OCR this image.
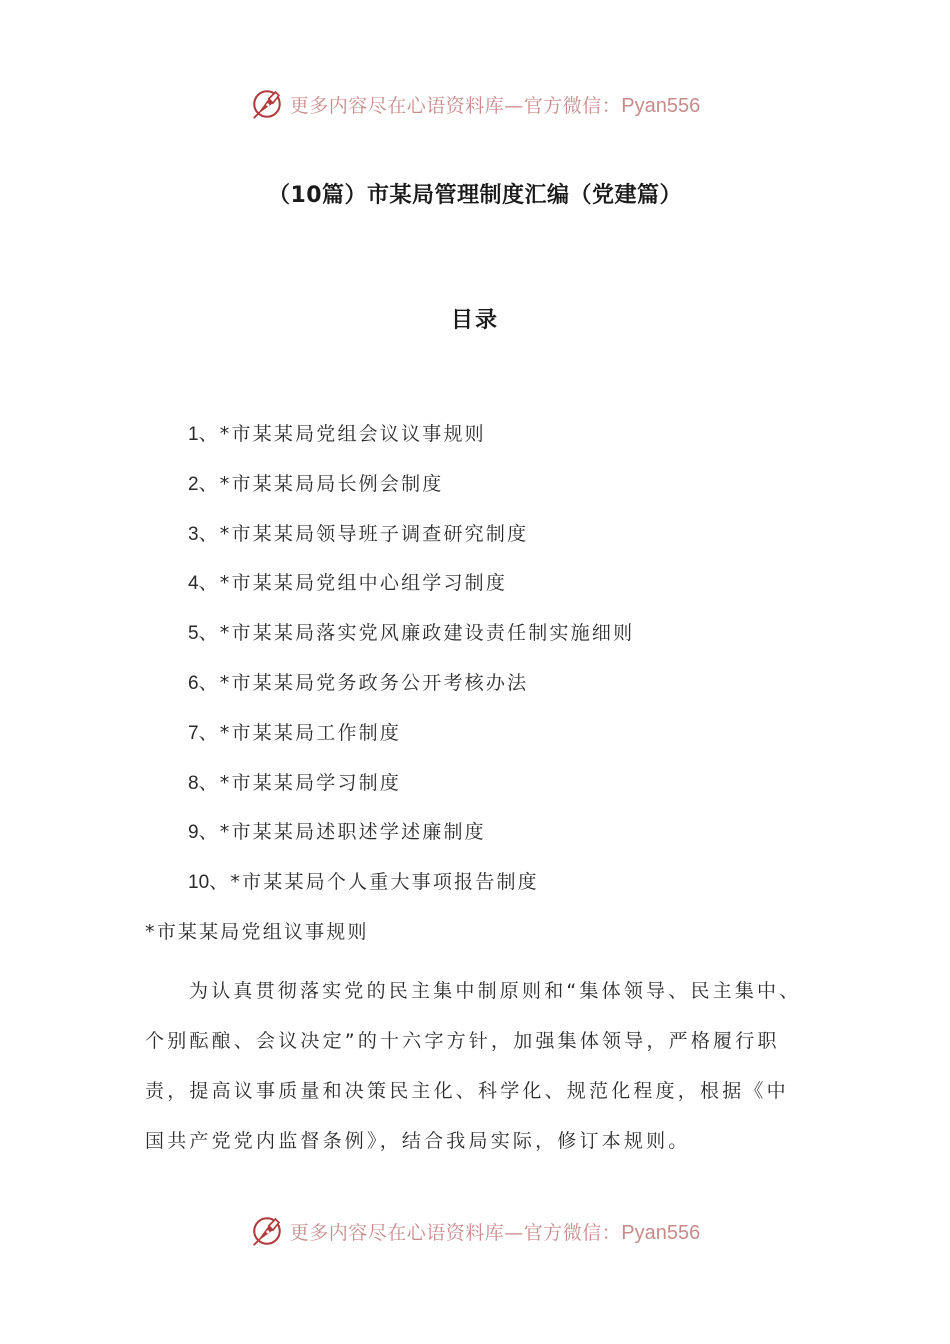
更多内容尽在心语资料库—官方微信：Pyan556
（10篇）市某局管理制度汇编（党建篇）
目录
1、*市某某局党组会议议事规则
2、*市某某局局长例会制度
3、*市某某局领导班子调查研究制度
4、*市某某局党组中心组学习制度
5、*市某某局落实党风廉政建设责任制实施细则
6、*市某某局党务政务公开考核办法
7、*市某某局工作制度
8、*市某某局学习制度
9、*市某某局述职述学述廉制度
10、*市某某局个人重大事项报告制度
*市某某局党组议事规则
为认真贯彻落实党的民主集中制原则和“集体领导、民主集中、
个别酝酿、会议决定”的十六字方针，加强集体领导，严格履行职
责，提高议事质量和决策民主化、科学化、规范化程度，根据《中
国共产党党内监督条例》，结合我局实际，修订本规则。
更多内容尽在心语资料库—官方微信：Pyan556
